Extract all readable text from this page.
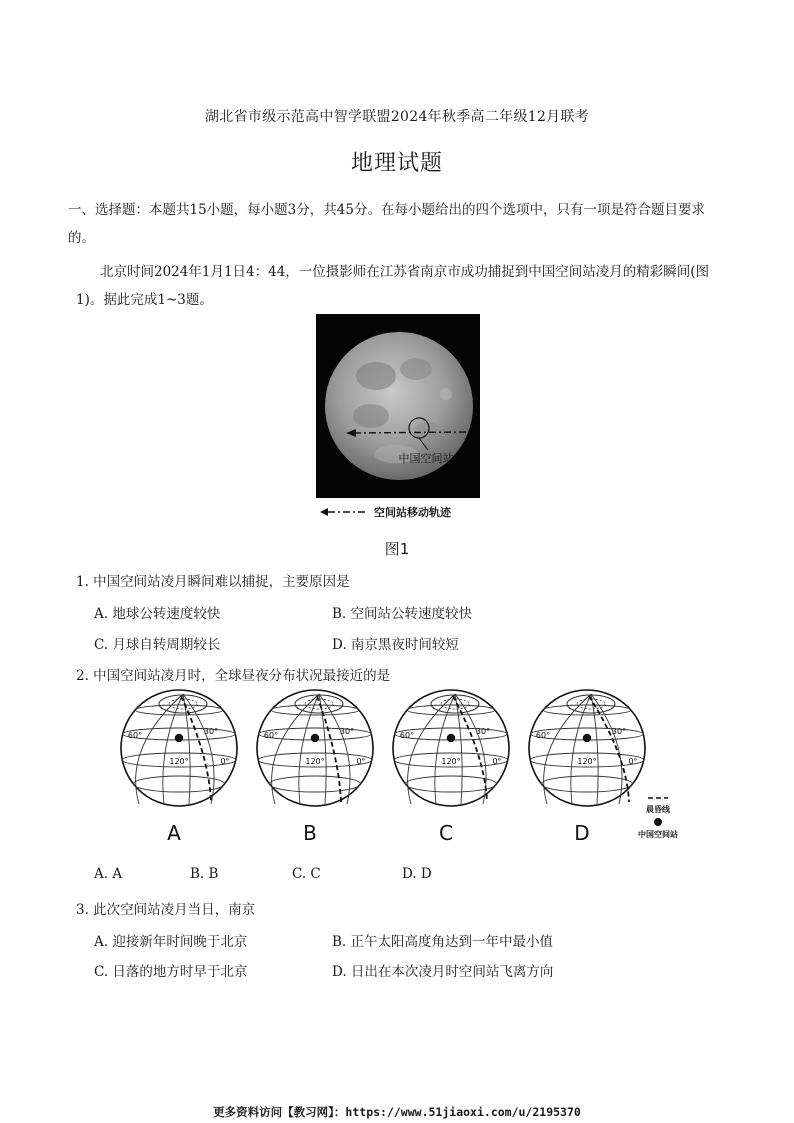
湖北省市级示范高中智学联盟2024年秋季高二年级12月联考
地理试题
一、选择题：本题共15小题，每小题3分，共45分。在每小题给出的四个选项中，只有一项是符合题目要求的。
北京时间2024年1月1日4：44，一位摄影师在江苏省南京市成功捕捉到中国空间站凌月的精彩瞬间(图1)。据此完成1~3题。
中国空间站
空间站移动轨迹
图1
1. 中国空间站凌月瞬间难以捕捉，主要原因是
A. 地球公转速度较快	B. 空间站公转速度较快
C. 月球自转周期较长	D. 南京黑夜时间较短
2. 中国空间站凌月时，全球昼夜分布状况最接近的是
60°	30°
120°	0°
A
60°	30°
120°	0°
B
60°	30°
120°	0°
C
60°	30°
120°	0°
D
晨昏线
中国空间站
A. A	B. B	C. C	D. D
3. 此次空间站凌月当日，南京
A. 迎接新年时间晚于北京	B. 正午太阳高度角达到一年中最小值
C. 日落的地方时早于北京	D. 日出在本次凌月时空间站飞离方向
更多资料访问【教习网】：https://www.51jiaoxi.com/u/2195370
